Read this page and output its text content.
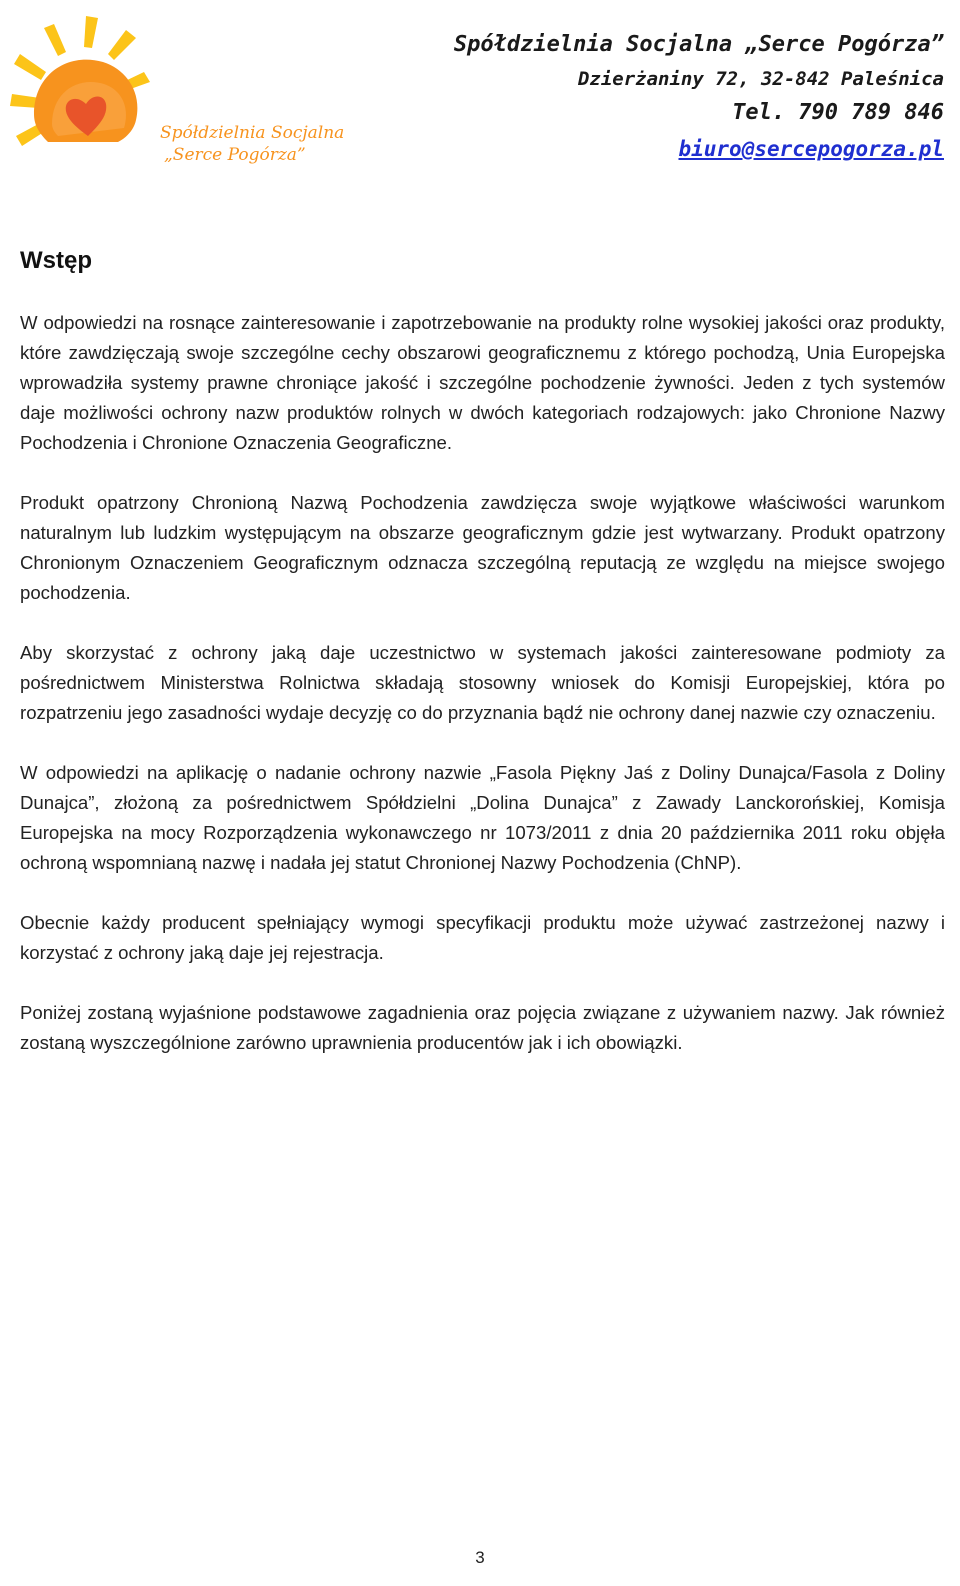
Spółdzielnia Socjalna
„Serce Pogórza”
Spółdzielnia Socjalna „Serce Pogórza”
Dzierżaniny 72, 32-842 Paleśnica
Tel. 790 789 846
biuro@sercepogorza.pl
Wstęp

W odpowiedzi na rosnące zainteresowanie i zapotrzebowanie na produkty rolne wysokiej jakości oraz produkty, które zawdzięczają swoje szczególne cechy obszarowi geograficznemu z którego pochodzą, Unia Europejska wprowadziła systemy prawne chroniące jakość i szczególne pochodzenie żywności. Jeden z tych systemów daje możliwości ochrony nazw produktów rolnych w dwóch kategoriach rodzajowych: jako Chronione Nazwy Pochodzenia i Chronione Oznaczenia Geograficzne.

Produkt opatrzony Chronioną Nazwą Pochodzenia zawdzięcza swoje wyjątkowe właściwości warunkom naturalnym lub ludzkim występującym na obszarze geograficznym gdzie jest wytwarzany. Produkt opatrzony Chronionym Oznaczeniem Geograficznym odznacza szczególną reputacją ze względu na miejsce swojego pochodzenia.

Aby skorzystać z ochrony jaką daje uczestnictwo w systemach jakości zainteresowane podmioty za pośrednictwem Ministerstwa Rolnictwa składają stosowny wniosek do Komisji Europejskiej, która po rozpatrzeniu jego zasadności wydaje decyzję co do przyznania bądź nie ochrony danej nazwie czy oznaczeniu.

W odpowiedzi na aplikację o nadanie ochrony nazwie „Fasola Piękny Jaś z Doliny Dunajca/Fasola z Doliny Dunajca”, złożoną za pośrednictwem Spółdzielni „Dolina Dunajca” z Zawady Lanckorońskiej, Komisja Europejska na mocy Rozporządzenia wykonawczego nr 1073/2011 z dnia 20 października 2011 roku objęła ochroną wspomnianą nazwę i nadała jej statut Chronionej Nazwy Pochodzenia (ChNP).

Obecnie każdy producent spełniający wymogi specyfikacji produktu może używać zastrzeżonej nazwy i korzystać z ochrony jaką daje jej rejestracja.

Poniżej zostaną wyjaśnione podstawowe zagadnienia oraz pojęcia związane z używaniem nazwy. Jak również zostaną wyszczególnione zarówno uprawnienia producentów jak i ich obowiązki.

3
